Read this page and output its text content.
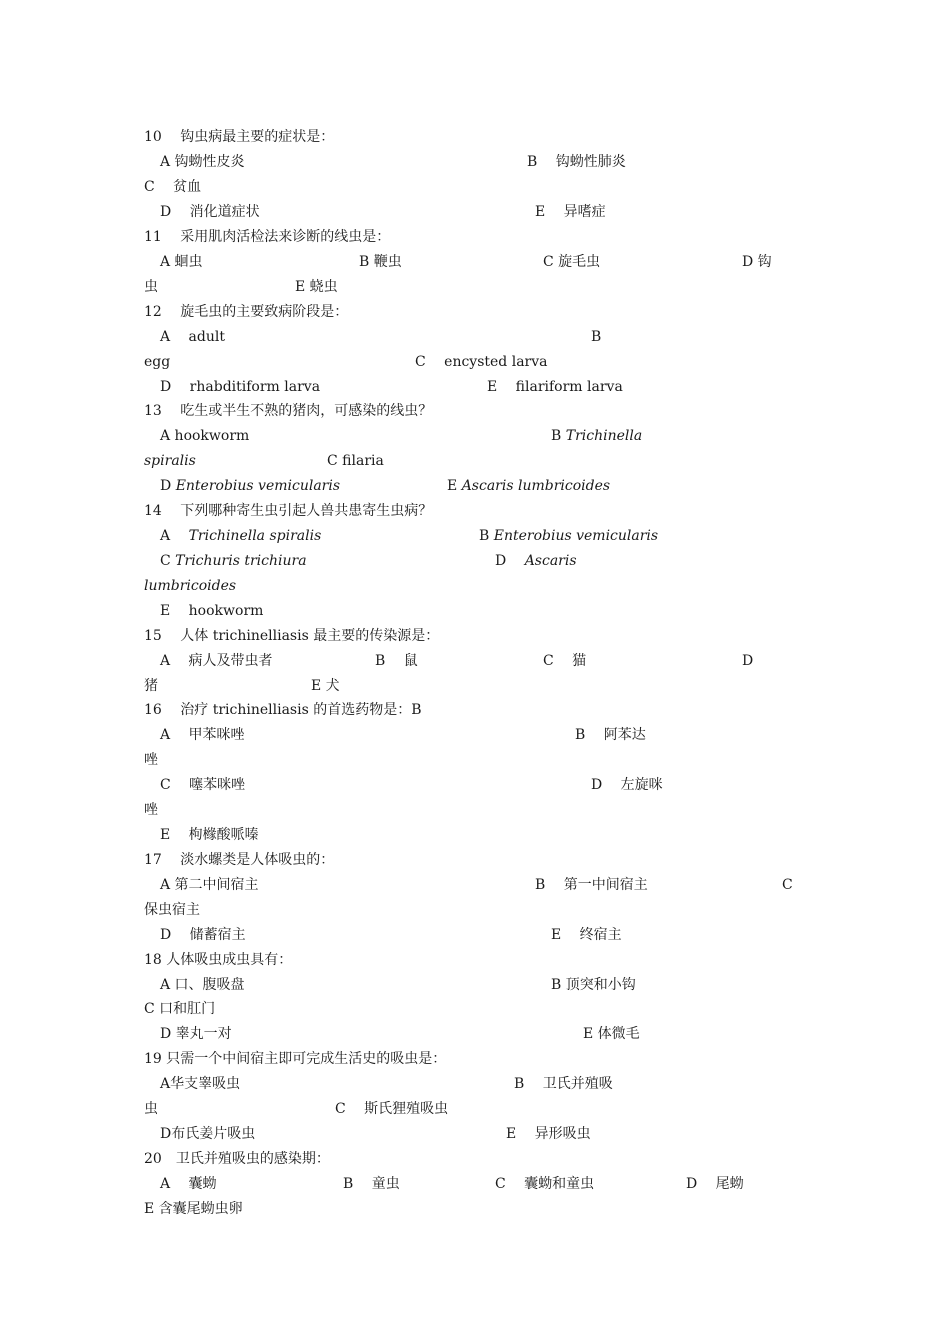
10　 钩虫病最主要的症状是：
A 钩蚴性皮炎	B　 钩蚴性肺炎
C　 贫血
D　 消化道症状	E　 异嗜症
11　 采用肌肉活检法来诊断的线虫是：
A 蛔虫	B 鞭虫	C 旋毛虫	D 钩
虫	E 蛲虫
12　 旋毛虫的主要致病阶段是：
A　 adult	B
egg	C　 encysted larva
D　 rhabditiform larva	E　 filariform larva
13　 吃生或半生不熟的猪肉，可感染的线虫？
A hookworm	B Trichinella
spiralis	C filaria
D Enterobius vemicularis	E Ascaris lumbricoides
14　 下列哪种寄生虫引起人兽共患寄生虫病？
A　 Trichinella spiralis	B Enterobius vemicularis
C Trichuris trichiura	D　 Ascaris
lumbricoides
E　 hookworm
15　 人体 trichinelliasis 最主要的传染源是：
A　 病人及带虫者	B　 鼠	C　 猫	D
猪	E 犬
16　 治疗 trichinelliasis 的首选药物是：B
A　 甲苯咪唑	B　 阿苯达
唑
C　 噻苯咪唑	D　 左旋咪
唑
E　 枸橼酸哌嗪
17　 淡水螺类是人体吸虫的：
A 第二中间宿主	B　 第一中间宿主	C
保虫宿主
D　 储蓄宿主	E　 终宿主
18 人体吸虫成虫具有：
A 口、腹吸盘	B 顶突和小钩
C 口和肛门
D 睾丸一对	E 体微毛
19 只需一个中间宿主即可完成生活史的吸虫是：
A华支睾吸虫	B　 卫氏并殖吸
虫	C　 斯氏狸殖吸虫
D布氏姜片吸虫	E　 异形吸虫
20　卫氏并殖吸虫的感染期：
A　 囊蚴	B　 童虫	C　 囊蚴和童虫	D　 尾蚴
E 含囊尾蚴虫卵
